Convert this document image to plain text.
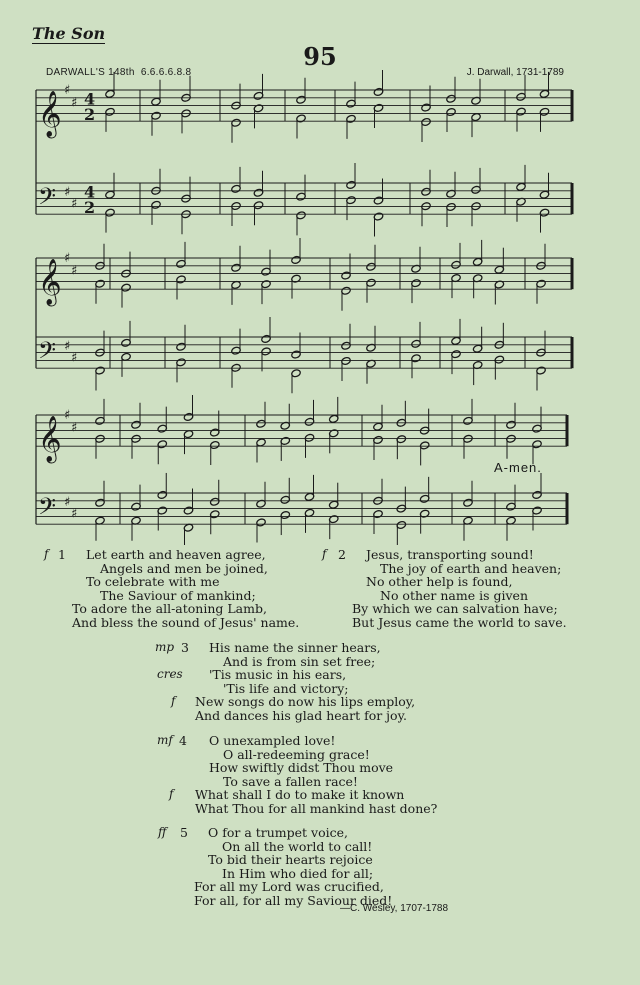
The Son
95
DARWALL'S 148th 6.6.6.6.8.8	J. Darwall, 1731-1789
𝄞
♯
♯ 4
2
𝄢 ♯
♯
4
2
𝄞
♯
♯
𝄢 ♯
♯
𝄞
♯
♯
𝄢 ♯
♯
A-men.
f 1 Let earth and heaven agree,
Angels and men be joined,
To celebrate with me
The Saviour of mankind;
To adore the all-atoning Lamb,
And bless the sound of Jesus' name.
f 2 Jesus, transporting sound!
The joy of earth and heaven;
No other help is found,
No other name is given
By which we can salvation have;
But Jesus came the world to save.
mp 3
cres
f
His name the sinner hears,
And is from sin set free;
'Tis music in his ears,
'Tis life and victory;
New songs do now his lips employ,
And dances his glad heart for joy.
mf 4
f
O unexampled love!
O all-redeeming grace!
How swiftly didst Thou move
To save a fallen race!
What shall I do to make it known
What Thou for all mankind hast done?
ff 5 O for a trumpet voice,
On all the world to call!
To bid their hearts rejoice
In Him who died for all;
For all my Lord was crucified,
For all, for all my Saviour died!
—C. Wesley, 1707-1788
